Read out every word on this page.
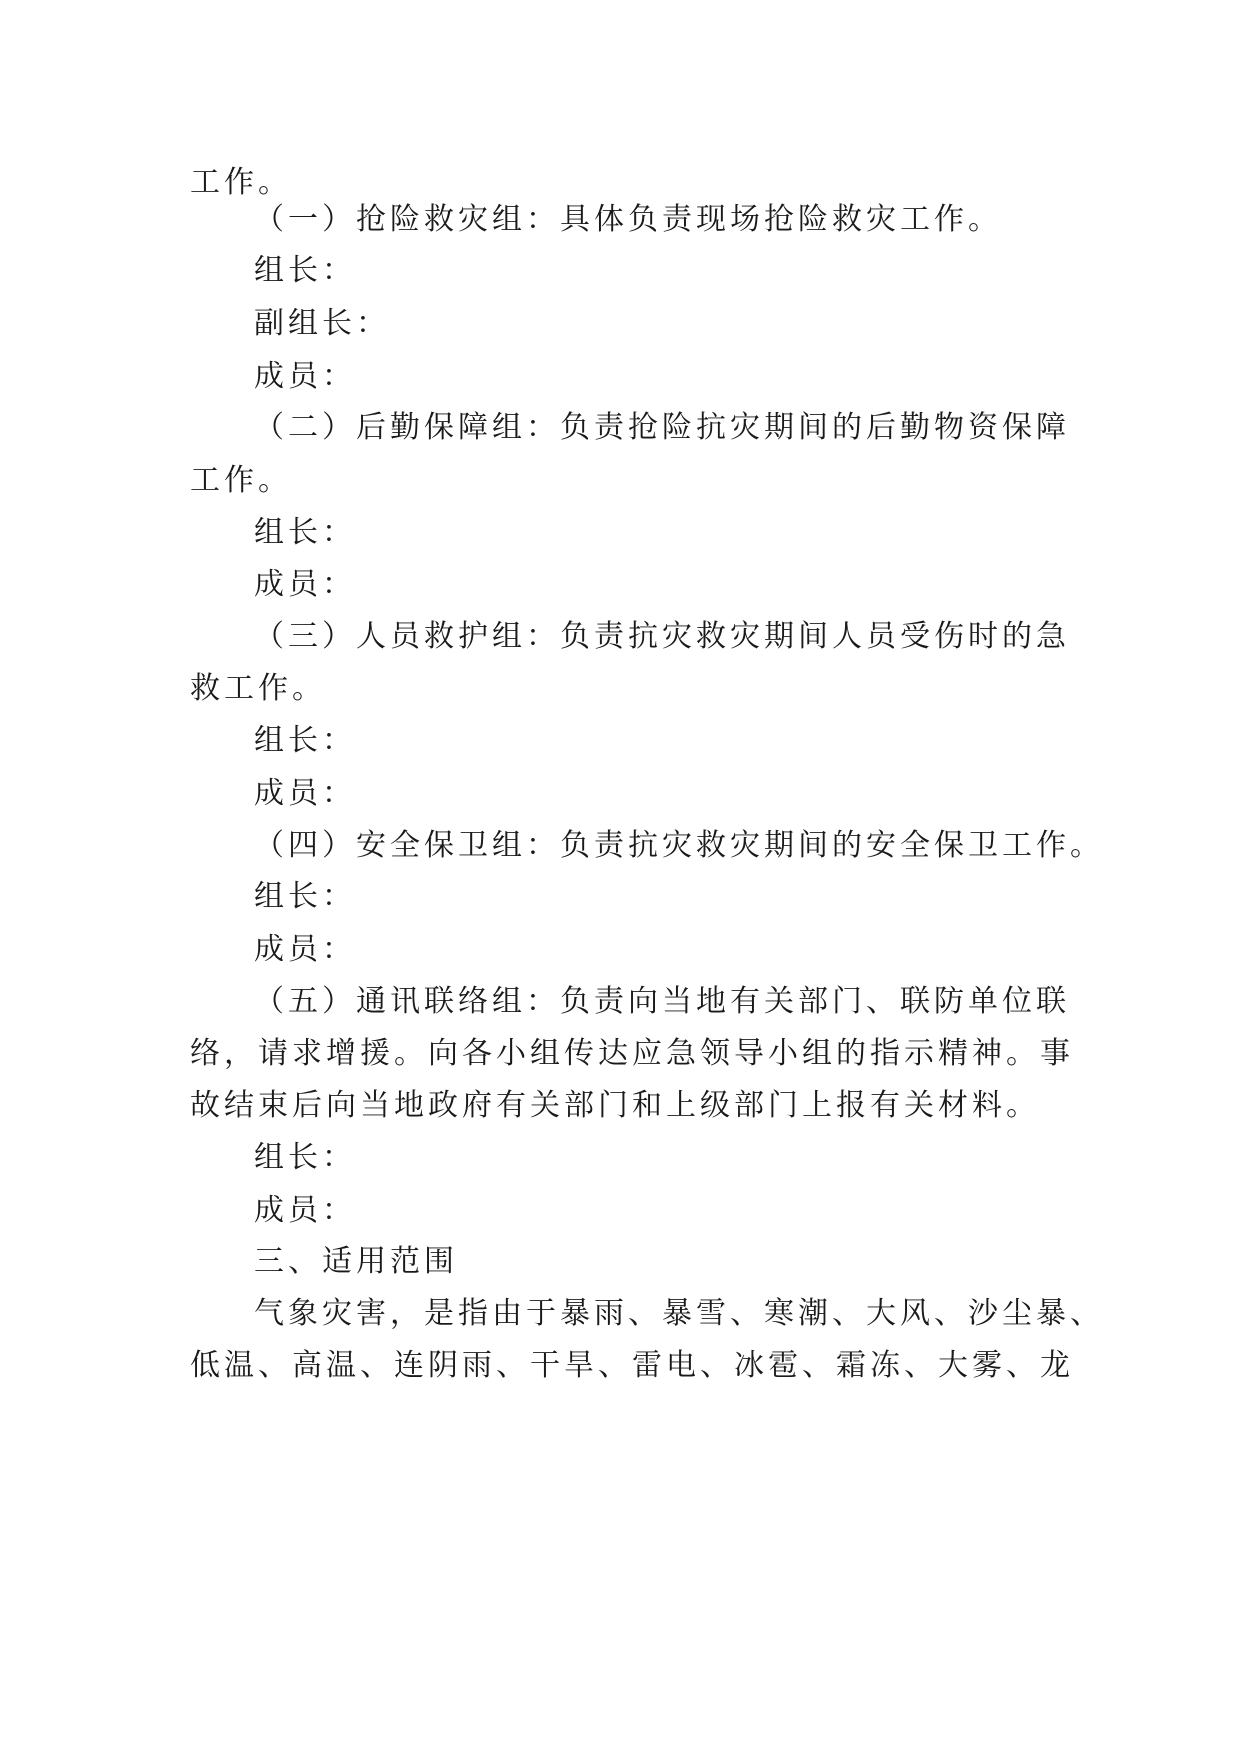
工作。
（一）抢险救灾组：具体负责现场抢险救灾工作。
组长：
副组长：
成员：
（二）后勤保障组：负责抢险抗灾期间的后勤物资保障
工作。
组长：
成员：
（三）人员救护组：负责抗灾救灾期间人员受伤时的急
救工作。
组长：
成员：
（四）安全保卫组：负责抗灾救灾期间的安全保卫工作。
组长：
成员：
（五）通讯联络组：负责向当地有关部门、联防单位联
络，请求增援。向各小组传达应急领导小组的指示精神。事
故结束后向当地政府有关部门和上级部门上报有关材料。
组长：
成员：
三、适用范围
气象灾害，是指由于暴雨、暴雪、寒潮、大风、沙尘暴、
低温、高温、连阴雨、干旱、雷电、冰雹、霜冻、大雾、龙
